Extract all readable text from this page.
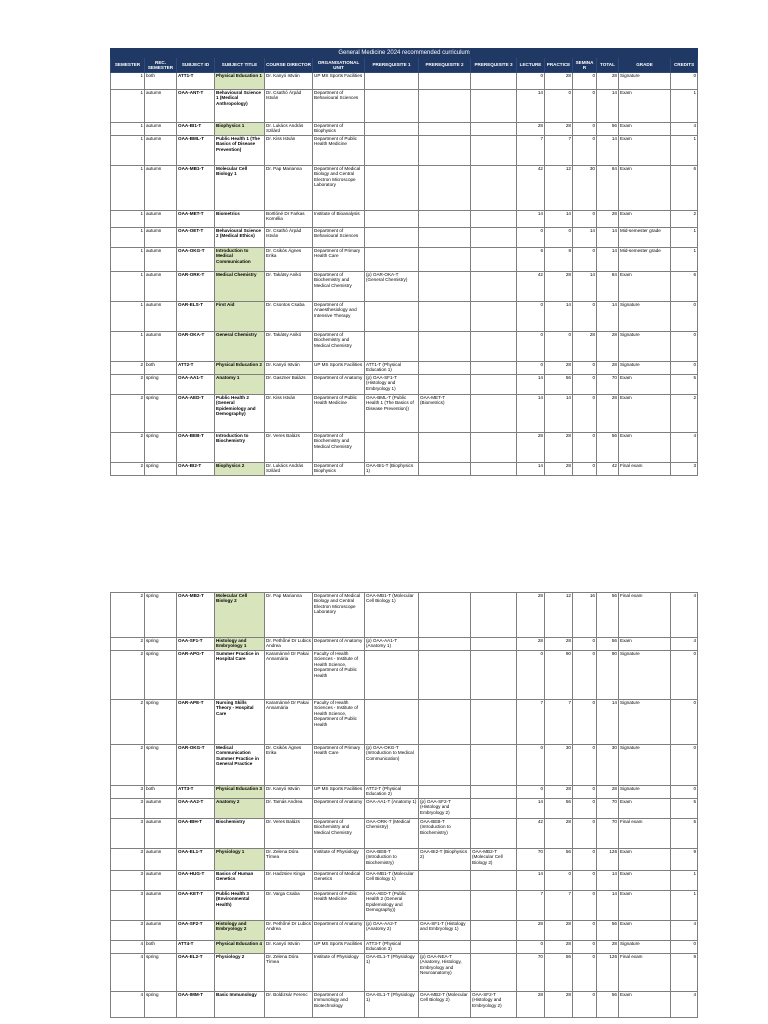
General Medicine 2024 recommended curriculum														
SEMESTER	REC. SEMESTER	SUBJECT ID	SUBJECT TITLE	COURSE DIRECTOR	ORGANISATIONAL UNIT	PREREQUISITE 1	PREREQUISITE 2	PREREQUISITE 3	LECTURE	PRACTICE	SEMINAR	TOTAL	GRADE	CREDITS
1	both	ATT1-T	Physical Education 1	Dr. Kanyó István	UP MS Sports Facilities				0	28	0	28	Signature	0
1	autumn	OAA-ANT-T	Behavioural Science 1 (Medical Anthropology)	Dr. Csathó Árpád István	Department of Behavioural Sciences				14	0	0	14	Exam	1
1	autumn	OAA-BI1-T	Biophysics 1	Dr. Lukács András Szilárd	Department of Biophysics				28	28	0	56	Exam	4
1	autumn	OAA-BML-T	Public Health 1 (The Basics of Disease Prevention)	Dr. Kiss István	Department of Public Health Medicine				7	7	0	14	Exam	1
1	autumn	OAA-MB1-T	Molecular Cell Biology 1	Dr. Pap Marianna	Department of Medical Biology and Central Electron Microscope Laboratory				42	12	30	84	Exam	6
1	autumn	OAA-MET-T	Biometrics	Bortlóné Dr Farkas Kornélia	Institute of Bioanalysis				14	14	0	28	Exam	2
1	autumn	OAA-OET-T	Behavioural Science 2 (Medical Ethics)	Dr. Csathó Árpád István	Department of Behavioural Sciences				0	0	14	14	Mid-semester grade	1
1	autumn	OAA-OKG-T	Introduction to Medical Communication	Dr. Csikós Ágnes Erika	Department of Primary Health Care				6	8	0	14	Mid-semester grade	1
1	autumn	OAR-ORK-T	Medical Chemistry	Dr. Takátsy Anikó	Department of Biochemistry and Medical Chemistry	(p) OAR-OKA-T (General Chemistry)			42	28	14	84	Exam	6
1	autumn	OAR-ELS-T	First Aid	Dr. Csontos Csaba	Department of Anaesthesiology and Intensive Therapy				0	14	0	14	Signature	0
1	autumn	OAR-OKA-T	General Chemistry	Dr. Takátsy Anikó	Department of Biochemistry and Medical Chemistry				0	0	28	28	Signature	0
2	both	ATT2-T	Physical Education 2	Dr. Kanyó István	UP MS Sports Facilities	ATT1-T (Physical Education 1)			0	28	0	28	Signature	0
2	spring	OAA-AA1-T	Anatomy 1	Dr. Gaszner Balázs	Department of Anatomy	(p) OAA-SF1-T (Histology and Embryology 1)			14	56	0	70	Exam	5
2	spring	OAA-AED-T	Public Health 2 (General Epidemiology and Demography)	Dr. Kiss István	Department of Public Health Medicine	OAA-BML-T (Public Health 1 (The Basics of Disease Prevention))	OAA-MET-T (Biometrics)		14	14	0	28	Exam	2
2	spring	OAA-BEB-T	Introduction to Biochemistry	Dr. Veres Balázs	Department of Biochemistry and Medical Chemistry				28	28	0	56	Exam	4
2	spring	OAA-BI2-T	Biophysics 2	Dr. Lukács András Szilárd	Department of Biophysics	OAA-BI1-T (Biophysics 1)			14	28	0	42	Final exam	3
2	spring	OAA-MB2-T	Molecular Cell Biology 2	Dr. Pap Marianna	Department of Medical Biology and Central Electron Microscope Laboratory	OAA-MB1-T (Molecular Cell Biology 1)			28	12	16	56	Final exam	4
2	spring	OAA-SF1-T	Histology and Embryology 1	Dr. Pethőné Dr Lubics Andrea	Department of Anatomy	(p) OAA-AA1-T (Anatomy 1)			28	28	0	56	Exam	4
2	spring	OAR-APG-T	Summer Practice in Hospital Care	Karamánné Dr Pakai Annamária	Faculty of Health Sciences - Institute of Health Science, Department of Public Health				0	90	0	90	Signature	0
2	spring	OAR-APE-T	Nursing Skills Theory - Hospital Care	Karamánné Dr Pakai Annamária	Faculty of Health Sciences - Institute of Health Science, Department of Public Health				7	7	0	14	Signature	0
2	spring	OAR-OKG-T	Medical Communication Summer Practice in General Practice	Dr. Csikós Ágnes Erika	Department of Primary Health Care	(p) OAA-OKG-T (Introduction to Medical Communication)			0	30	0	30	Signature	0
3	both	ATT3-T	Physical Education 3	Dr. Kanyó István	UP MS Sports Facilities	ATT2-T (Physical Education 2)			0	28	0	28	Signature	0
3	autumn	OAA-AA2-T	Anatomy 2	Dr. Tamás Andrea	Department of Anatomy	OAA-AA1-T (Anatomy 1)	(p) OAA-SF2-T (Histology and Embryology 2)		14	56	0	70	Exam	5
3	autumn	OAA-BIH-T	Biochemistry	Dr. Veres Balázs	Department of Biochemistry and Medical Chemistry	OAA-ORK-T (Medical Chemistry)	OAA-BEB-T (Introduction to Biochemistry)		42	28	0	70	Final exam	5
3	autumn	OAA-EL1-T	Physiology 1	Dr. Zelena Dóra Tímea	Institute of Physiology	OAA-BEB-T (Introduction to Biochemistry)	OAA-BI2-T (Biophysics 2)	OAA-MB2-T (Molecular Cell Biology 2)	70	56	0	126	Exam	9
3	autumn	OAA-HUG-T	Basics of Human Genetics	Dr. Hadzsiev Kinga	Department of Medical Genetics	OAA-MB1-T (Molecular Cell Biology 1)			14	0	0	14	Exam	1
3	autumn	OAA-KET-T	Public Health 3 (Environmental Health)	Dr. Varga Csaba	Department of Public Health Medicine	OAA-AED-T (Public Health 2 (General Epidemiology and Demography))			7	7	0	14	Exam	1
3	autumn	OAA-SF2-T	Histology and Embryology 2	Dr. Pethőné Dr Lubics Andrea	Department of Anatomy	(p) OAA-AA2-T (Anatomy 2)	OAA-SF1-T (Histology and Embryology 1)		28	28	0	56	Exam	4
4	both	ATT4-T	Physical Education 4	Dr. Kanyó István	UP MS Sports Facilities	ATT3-T (Physical Education 3)			0	28	0	28	Signature	0
4	spring	OAA-EL2-T	Physiology 2	Dr. Zelena Dóra Tímea	Institute of Physiology	OAA-EL1-T (Physiology 1)	(p) OAA-NEA-T (Anatomy, Histology, Embryology and Neuroanatomy)		70	56	0	126	Final exam	9
4	spring	OAA-IMM-T	Basic Immunology	Dr. Boldizsár Ferenc	Department of Immunology and Biotechnology	OAA-EL1-T (Physiology 1)	OAA-MB2-T (Molecular Cell Biology 2)	OAA-SF2-T (Histology and Embryology 2)	28	28	0	56	Exam	4
